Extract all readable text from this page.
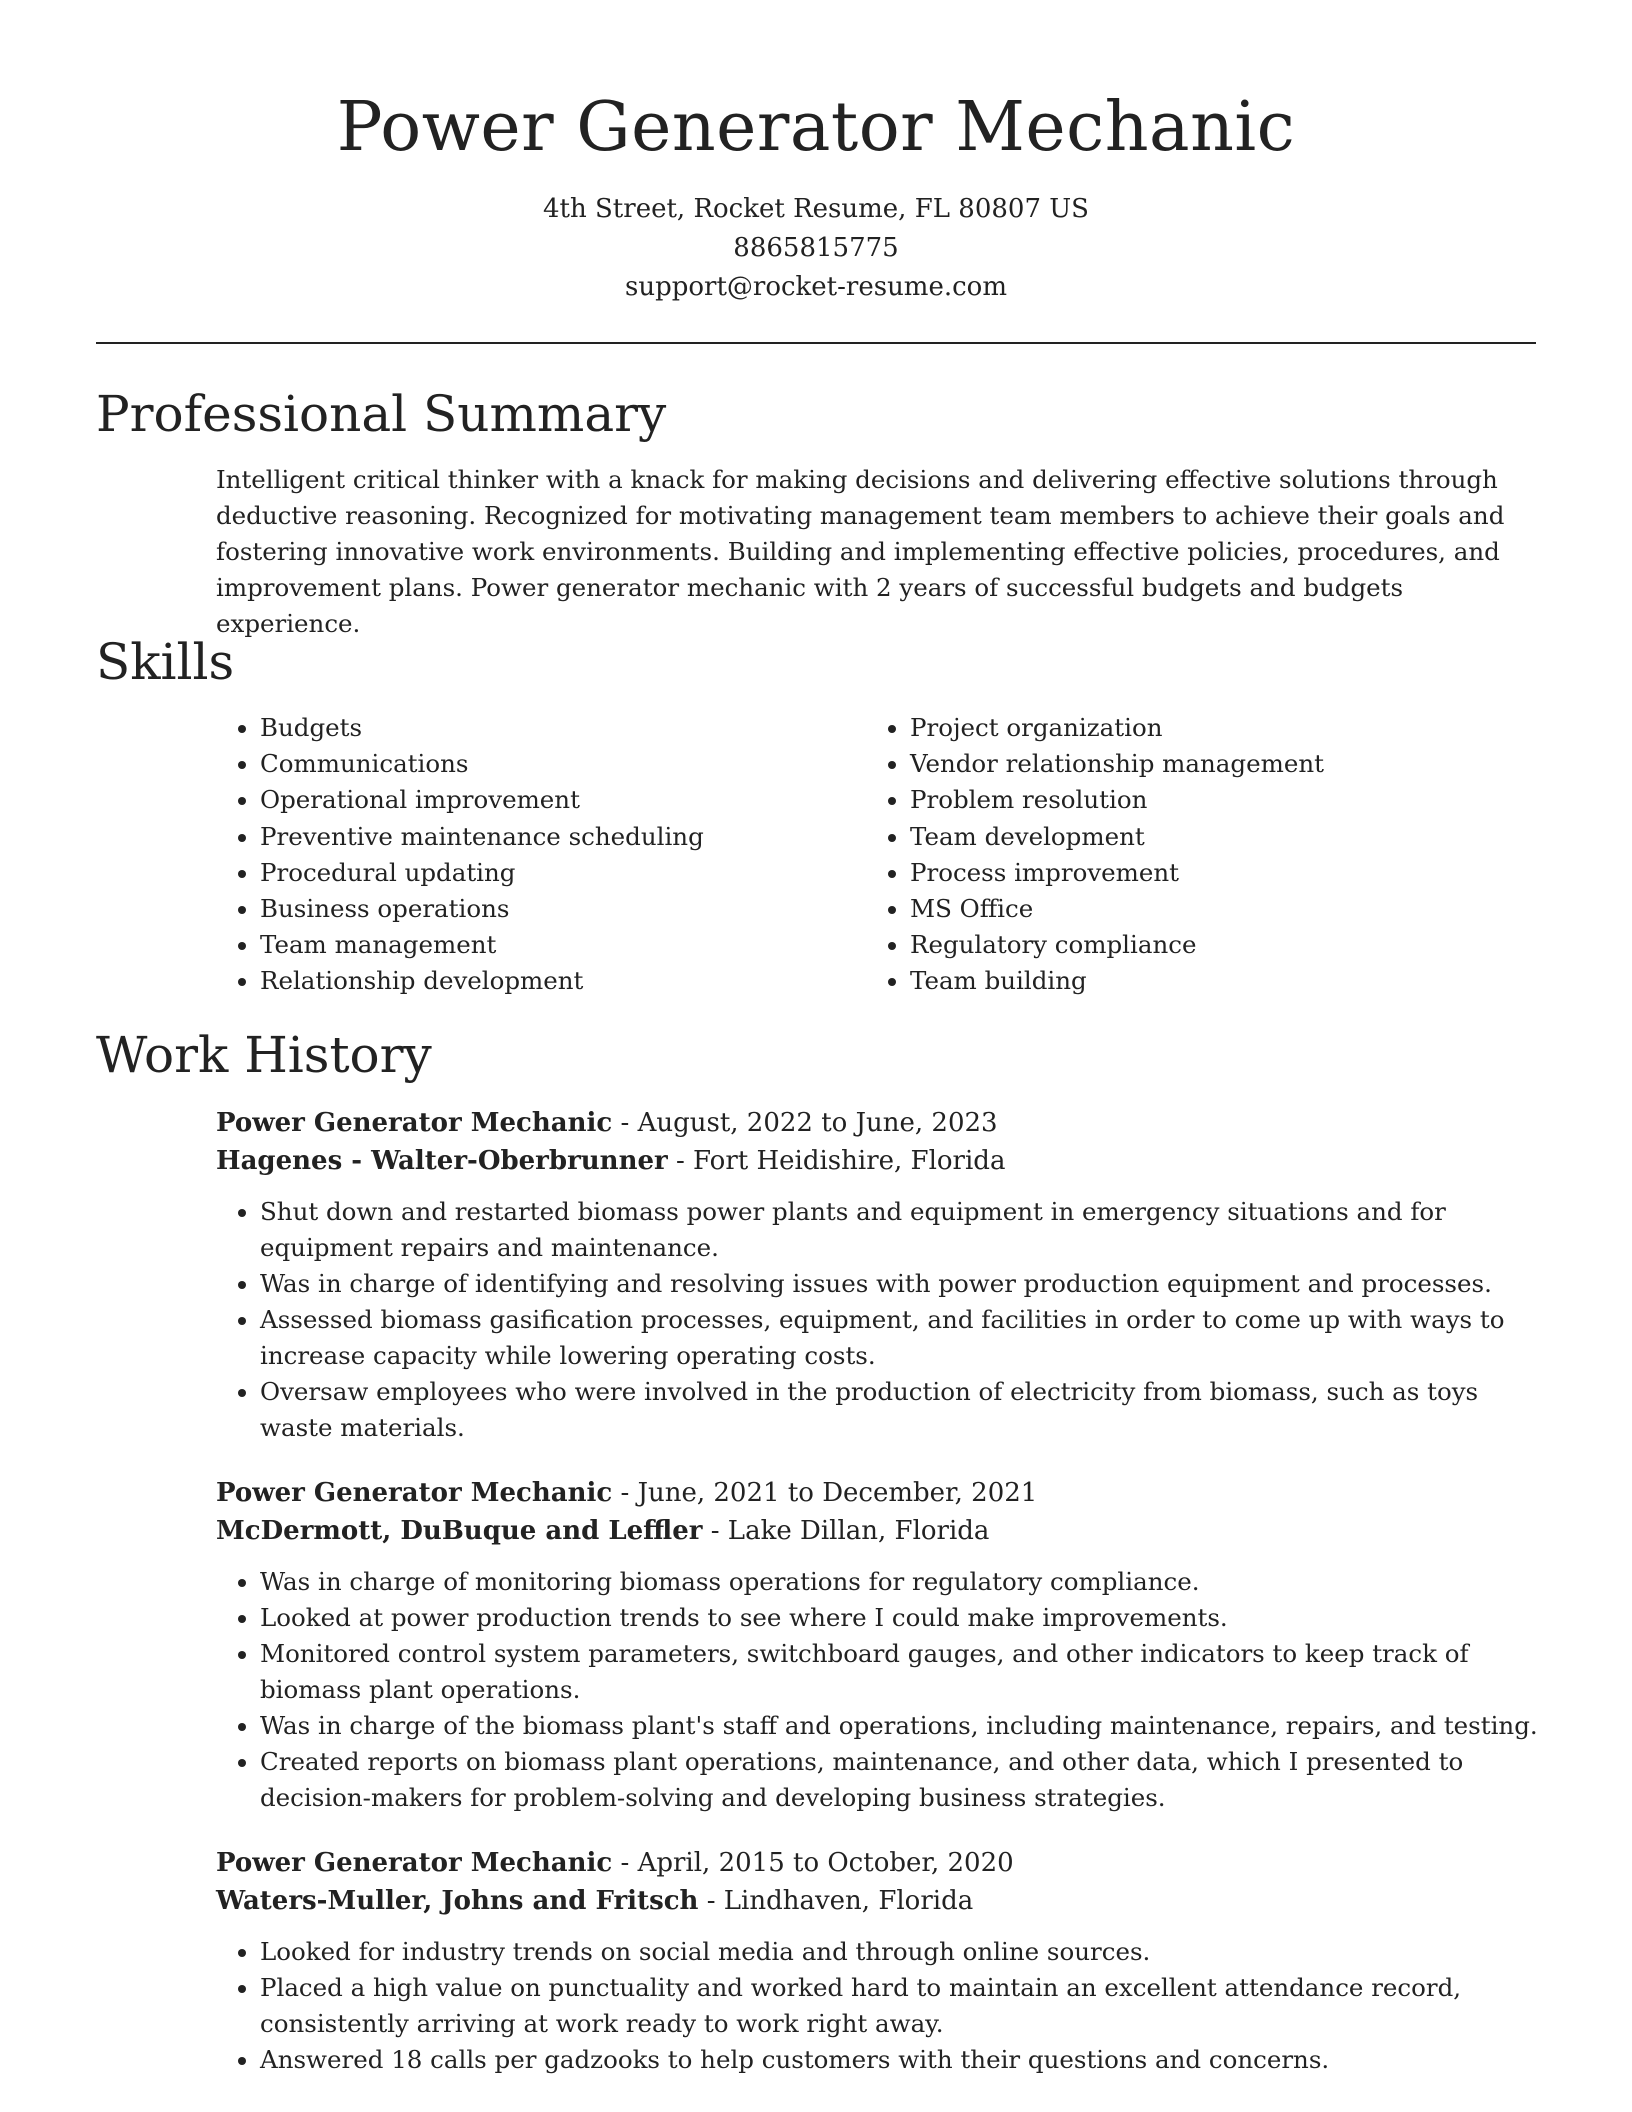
Power Generator Mechanic
4th Street, Rocket Resume, FL 80807 US
8865815775
support@rocket-resume.com
Professional Summary

Intelligent critical thinker with a knack for making decisions and delivering effective solutions through deductive reasoning. Recognized for motivating management team members to achieve their goals and fostering innovative work environments. Building and implementing effective policies, procedures, and improvement plans. Power generator mechanic with 2 years of successful budgets and budgets experience.

Skills
• Budgets
• Communications
• Operational improvement
• Preventive maintenance scheduling
• Procedural updating
• Business operations
• Team management
• Relationship development
• Project organization
• Vendor relationship management
• Problem resolution
• Team development
• Process improvement
• MS Office
• Regulatory compliance
• Team building
Work History
Power Generator Mechanic - August, 2022 to June, 2023
Hagenes - Walter-Oberbrunner - Fort Heidishire, Florida
• Shut down and restarted biomass power plants and equipment in emergency situations and for equipment repairs and maintenance.
• Was in charge of identifying and resolving issues with power production equipment and processes.
• Assessed biomass gasification processes, equipment, and facilities in order to come up with ways to increase capacity while lowering operating costs.
• Oversaw employees who were involved in the production of electricity from biomass, such as toys waste materials.
Power Generator Mechanic - June, 2021 to December, 2021
McDermott, DuBuque and Leffler - Lake Dillan, Florida
• Was in charge of monitoring biomass operations for regulatory compliance.
• Looked at power production trends to see where I could make improvements.
• Monitored control system parameters, switchboard gauges, and other indicators to keep track of biomass plant operations.
• Was in charge of the biomass plant's staff and operations, including maintenance, repairs, and testing.
• Created reports on biomass plant operations, maintenance, and other data, which I presented to decision-makers for problem-solving and developing business strategies.
Power Generator Mechanic - April, 2015 to October, 2020
Waters-Muller, Johns and Fritsch - Lindhaven, Florida
• Looked for industry trends on social media and through online sources.
• Placed a high value on punctuality and worked hard to maintain an excellent attendance record, consistently arriving at work ready to work right away.
• Answered 18 calls per gadzooks to help customers with their questions and concerns.
